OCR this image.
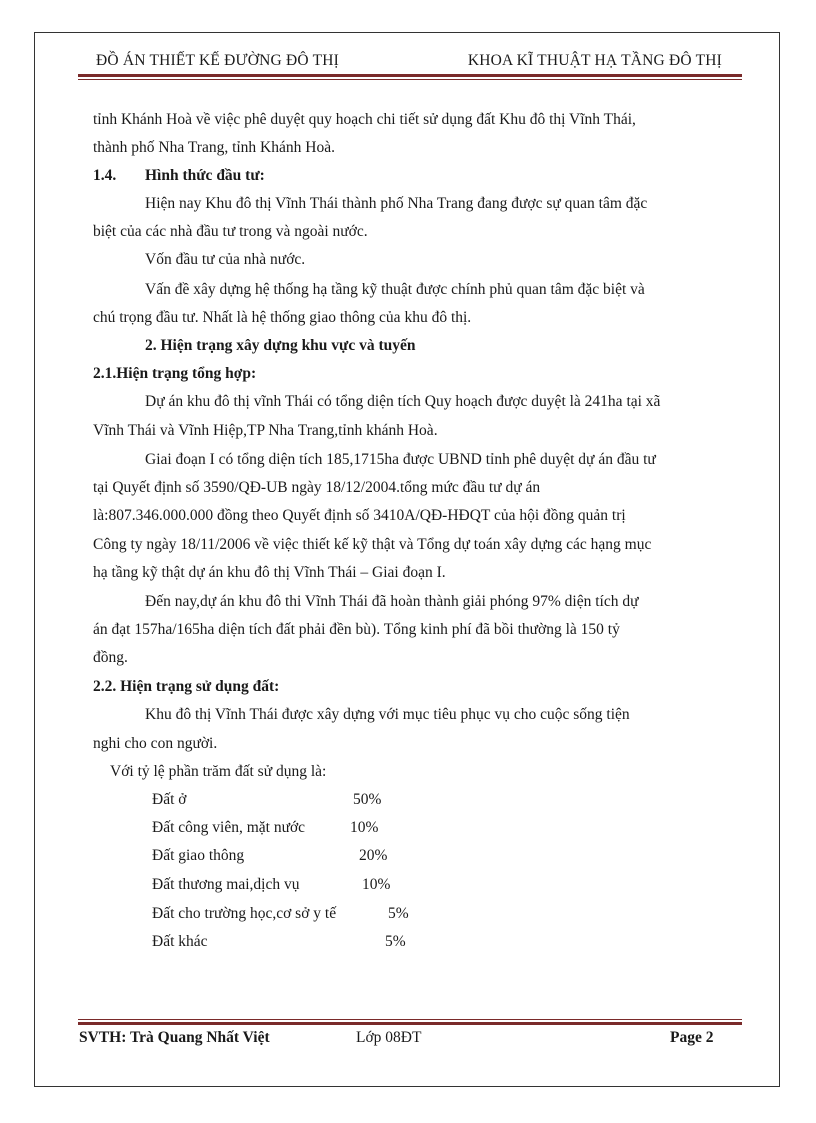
ĐỒ ÁN THIẾT KẾ ĐƯỜNG ĐÔ THỊ	KHOA KĨ THUẬT HẠ TẦNG ĐÔ THỊ
tỉnh Khánh Hoà về việc phê duyệt quy hoạch chi tiết sử dụng đất Khu đô thị Vĩnh Thái,
thành phố Nha Trang, tỉnh Khánh Hoà.
1.4. Hình thức đầu tư:
Hiện nay Khu đô thị Vĩnh Thái thành phố Nha Trang đang được sự quan tâm đặc
biệt của các nhà đầu tư trong và ngoài nước.
Vốn đầu tư của nhà nước.
Vấn đề xây dựng hệ thống hạ tầng kỹ thuật được chính phủ quan tâm đặc biệt và
chú trọng đầu tư. Nhất là hệ thống giao thông của khu đô thị.
2. Hiện trạng xây dựng khu vực và tuyến
2.1.Hiện trạng tổng hợp:
Dự án khu đô thị vĩnh Thái có tổng diện tích Quy hoạch được duyệt là 241ha tại xã
Vĩnh Thái và Vĩnh Hiệp,TP Nha Trang,tỉnh khánh Hoà.
Giai đoạn I có tổng diện tích 185,1715ha được UBND tỉnh phê duyệt dự án đầu tư
tại Quyết định số 3590/QĐ-UB ngày 18/12/2004.tổng mức đầu tư dự án
là:807.346.000.000 đồng theo Quyết định số 3410A/QĐ-HĐQT của hội đồng quản trị
Công ty ngày 18/11/2006 về việc thiết kế kỹ thật và Tổng dự toán xây dựng các hạng mục
hạ tầng kỹ thật dự án khu đô thị Vĩnh Thái – Giai đoạn I.
Đến nay,dự án khu đô thi Vĩnh Thái đã hoàn thành giải phóng 97% diện tích dự
án đạt 157ha/165ha diện tích đất phải đền bù). Tổng kinh phí đã bồi thường là 150 tỷ
đồng.
2.2. Hiện trạng sử dụng đất:
Khu đô thị Vĩnh Thái được xây dựng với mục tiêu phục vụ cho cuộc sống tiện
nghi cho con người.
Với tỷ lệ phần trăm đất sử dụng là:
Đất ở	50%
Đất công viên, mặt nước	10%
Đất giao thông	20%
Đất thương mai,dịch vụ	10%
Đất cho trường học,cơ sở y tế	5%
Đất khác	5%
SVTH: Trà Quang Nhất Việt	Lớp 08ĐT	Page 2
